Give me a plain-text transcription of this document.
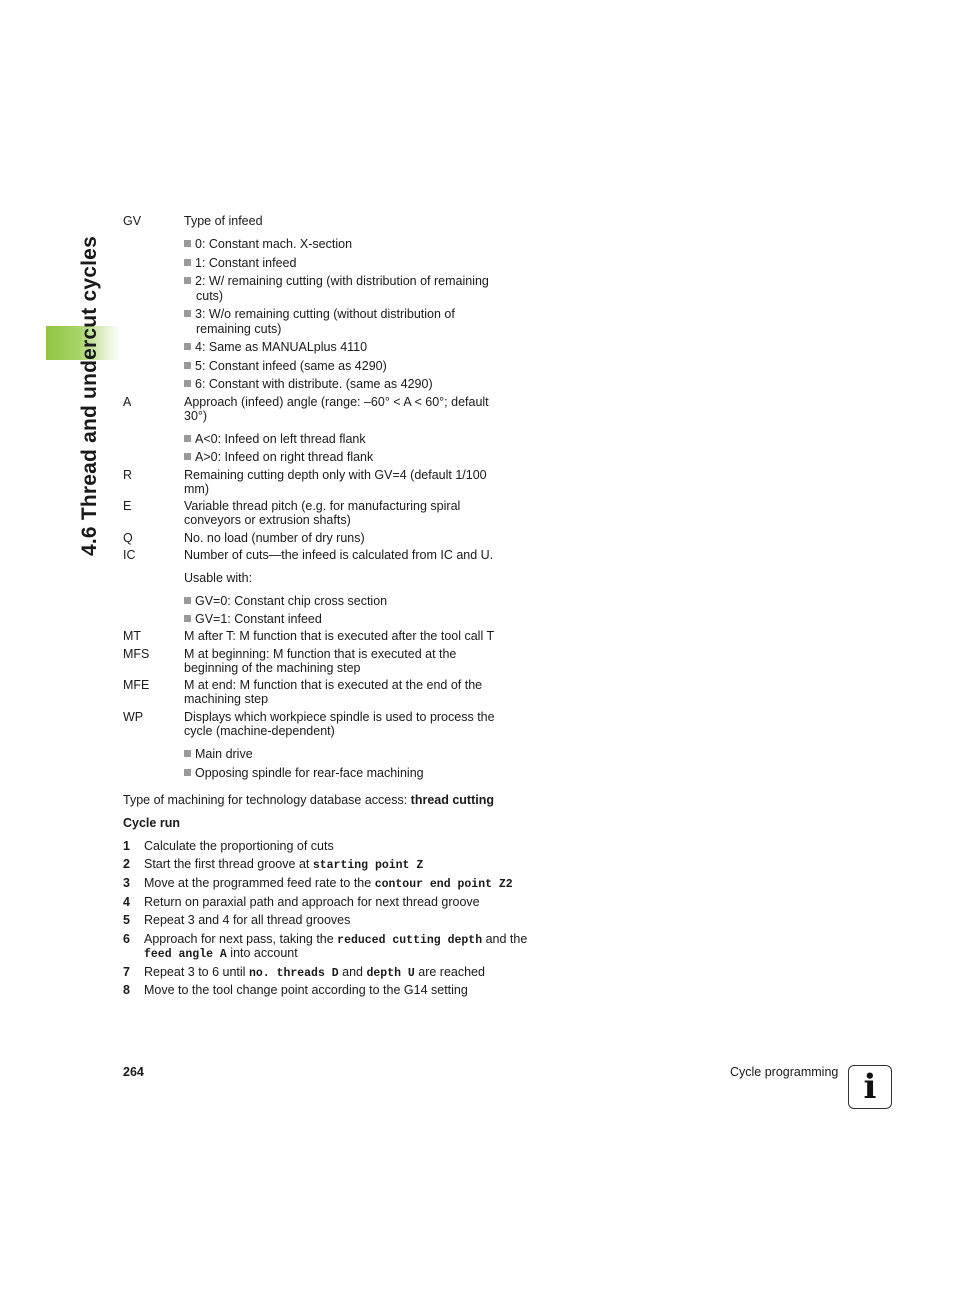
4.6 Thread and undercut cycles
GV	Type of infeed
0: Constant mach. X-section
1: Constant infeed
2: W/ remaining cutting (with distribution of remaining
cuts)
3: W/o remaining cutting (without distribution of
remaining cuts)
4: Same as MANUALplus 4110
5: Constant infeed (same as 4290)
6: Constant with distribute. (same as 4290)
A	Approach (infeed) angle (range: –60° < A < 60°; default
30°)
A<0: Infeed on left thread flank
A>0: Infeed on right thread flank
R	Remaining cutting depth only with GV=4 (default 1/100
mm)
E	Variable thread pitch (e.g. for manufacturing spiral
conveyors or extrusion shafts)
Q	No. no load (number of dry runs)
IC	Number of cuts—the infeed is calculated from IC and U.
Usable with:
GV=0: Constant chip cross section
GV=1: Constant infeed
MT	M after T: M function that is executed after the tool call T
MFS	M at beginning: M function that is executed at the
beginning of the machining step
MFE	M at end: M function that is executed at the end of the
machining step
WP	Displays which workpiece spindle is used to process the
cycle (machine-dependent)
Main drive
Opposing spindle for rear-face machining
Type of machining for technology database access: thread cutting
Cycle run
1 Calculate the proportioning of cuts
2 Start the first thread groove at starting point Z
3 Move at the programmed feed rate to the contour end point Z2
4 Return on paraxial path and approach for next thread groove
5 Repeat 3 and 4 for all thread grooves
6 Approach for next pass, taking the reduced cutting depth and the
feed angle A into account
7 Repeat 3 to 6 until no. threads D and depth U are reached
8 Move to the tool change point according to the G14 setting
264	Cycle programming i
